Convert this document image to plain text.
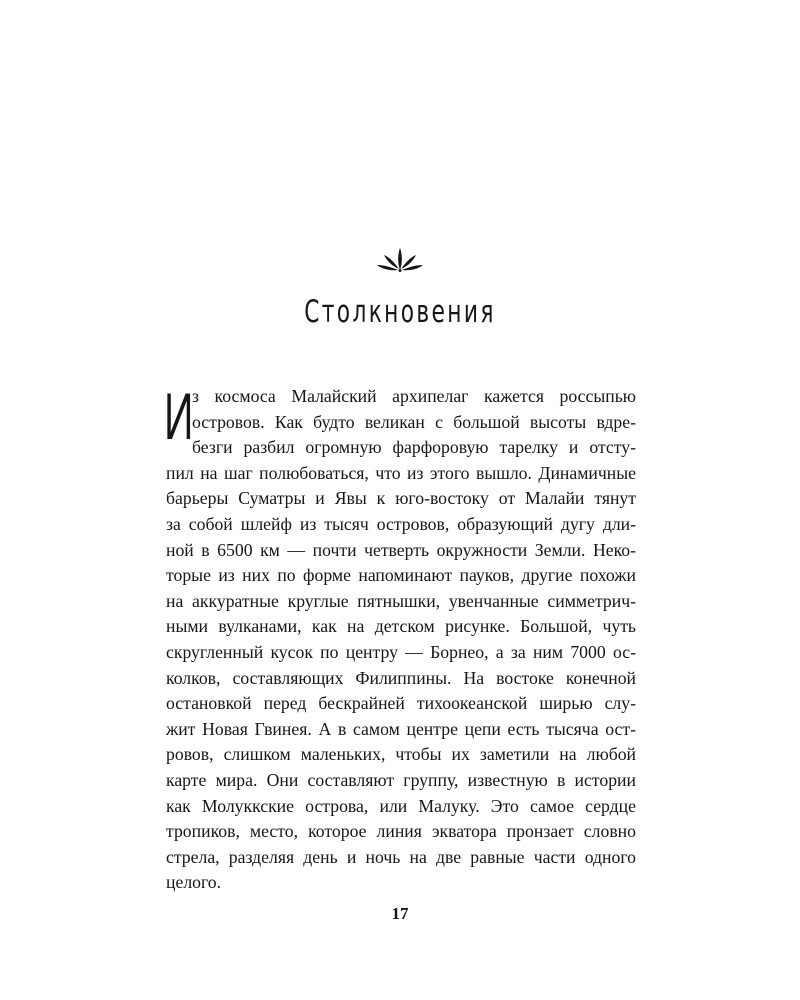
Столкновения
И
з космоса Малайский архипелаг кажется россыпью
островов. Как будто великан с большой высоты вдре-
безги разбил огромную фарфоровую тарелку и отсту-
пил на шаг полюбоваться, что из этого вышло. Динамичные
барьеры Суматры и Явы к юго-востоку от Малайи тянут
за собой шлейф из тысяч островов, образующий дугу дли-
ной в 6500 км — почти четверть окружности Земли. Неко-
торые из них по форме напоминают пауков, другие похожи
на аккуратные круглые пятнышки, увенчанные симметрич-
ными вулканами, как на детском рисунке. Большой, чуть
скругленный кусок по центру — Борнео, а за ним 7000 ос-
колков, составляющих Филиппины. На востоке конечной
остановкой перед бескрайней тихоокеанской ширью слу-
жит Новая Гвинея. А в самом центре цепи есть тысяча ост-
ровов, слишком маленьких, чтобы их заметили на любой
карте мира. Они составляют группу, известную в истории
как Молуккские острова, или Малуку. Это самое сердце
тропиков, место, которое линия экватора пронзает словно
стрела, разделяя день и ночь на две равные части одного
целого.
17
